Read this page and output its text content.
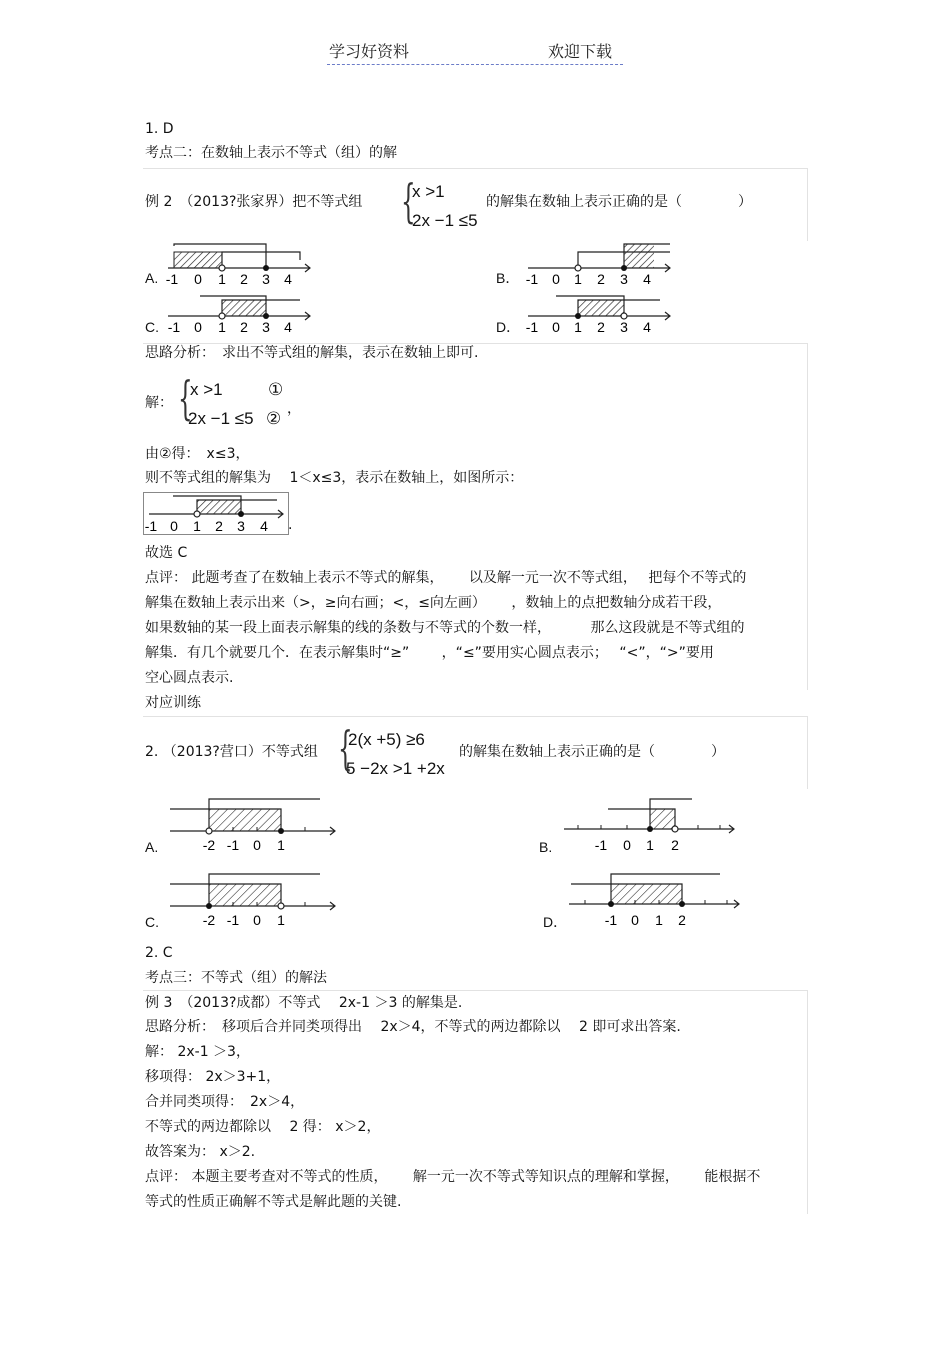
学习好资料	欢迎下载
1. D
考点二：在数轴上表示不等式（组）的解
例 2　（2013?张家界）把不等式组 {
x >1
2x −1 ≤5
的解集在数轴上表示正确的是（　　　　）
A.	B．
C.	D．
-1 0 1 2 3 4	-1 0 1 2 3 4
-1 0 1 2 3 4	-1 0 1 2 3 4
思路分析：　求出不等式组的解集，表示在数轴上即可.
解： {
x >1
2x −1 ≤5
①
② ，
由②得：　x≤3，
则不等式组的解集为　 1＜x≤3，表示在数轴上，如图所示：
-1 0 1 2 3 4 .
故选 C
点评： 此题考查了在数轴上表示不等式的解集，　　 以及解一元一次不等式组，　 把每个不等式的
解集在数轴上表示出来（>，≥向右画；<，≤向左画）　　 ，数轴上的点把数轴分成若干段，
如果数轴的某一段上面表示解集的线的条数与不等式的个数一样，　　　 那么这段就是不等式组的
解集．有几个就要几个．在表示解集时“≥”　　 ，“≤”要用实心圆点表示；　 “<”，“>”要用
空心圆点表示.
对应训练
2. （2013?营口）不等式组 {
2(x +5) ≥6
5 −2x >1 +2x
的解集在数轴上表示正确的是（　　　　）
A.	B.
C.	D．
-2 -1 0 1	-1 0 1 2
-2 -1 0 1	-1 0 1 2
2. C
考点三：不等式（组）的解法
例 3　（2013?成都）不等式　 2x-1 ＞3 的解集是.
思路分析：　移项后合并同类项得出　 2x＞4，不等式的两边都除以　 2 即可求出答案.
解： 2x-1 ＞3，
移项得： 2x＞3+1，
合并同类项得：　2x＞4，
不等式的两边都除以　 2 得： x＞2，
故答案为： x＞2.
点评： 本题主要考查对不等式的性质，　　 解一元一次不等式等知识点的理解和掌握，　　 能根据不
等式的性质正确解不等式是解此题的关键.
